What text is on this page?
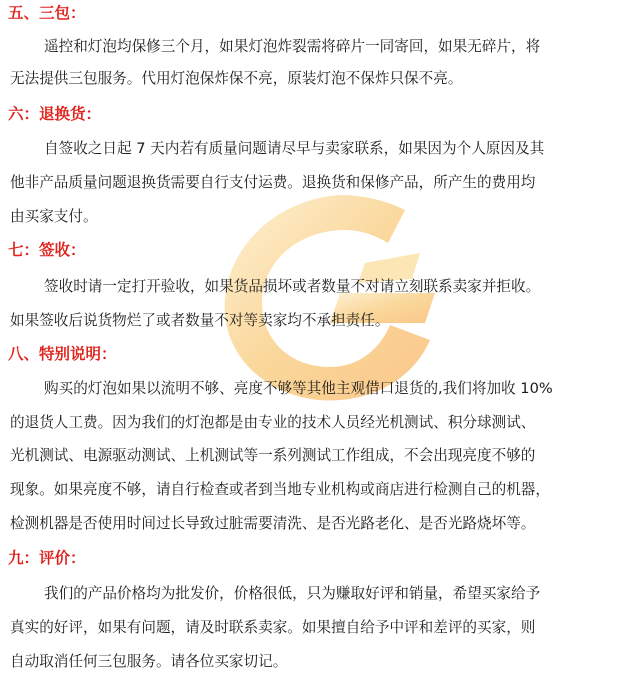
五、三包：
遥控和灯泡均保修三个月，如果灯泡炸裂需将碎片一同寄回，如果无碎片，将
无法提供三包服务。代用灯泡保炸保不亮，原装灯泡不保炸只保不亮。
六：退换货：
自签收之日起 7 天内若有质量问题请尽早与卖家联系，如果因为个人原因及其
他非产品质量问题退换货需要自行支付运费。退换货和保修产品，所产生的费用均
由买家支付。
七：签收：
签收时请一定打开验收，如果货品损坏或者数量不对请立刻联系卖家并拒收。
如果签收后说货物烂了或者数量不对等卖家均不承担责任。
八、特别说明：
购买的灯泡如果以流明不够、亮度不够等其他主观借口退货的,我们将加收 10%
的退货人工费。因为我们的灯泡都是由专业的技术人员经光机测试、积分球测试、
光机测试、电源驱动测试、上机测试等一系列测试工作组成，不会出现亮度不够的
现象。如果亮度不够，请自行检查或者到当地专业机构或商店进行检测自己的机器，
检测机器是否使用时间过长导致过脏需要清洗、是否光路老化、是否光路烧坏等。
九：评价：
我们的产品价格均为批发价，价格很低，只为赚取好评和销量，希望买家给予
真实的好评，如果有问题，请及时联系卖家。如果擅自给予中评和差评的买家，则
自动取消任何三包服务。请各位买家切记。
